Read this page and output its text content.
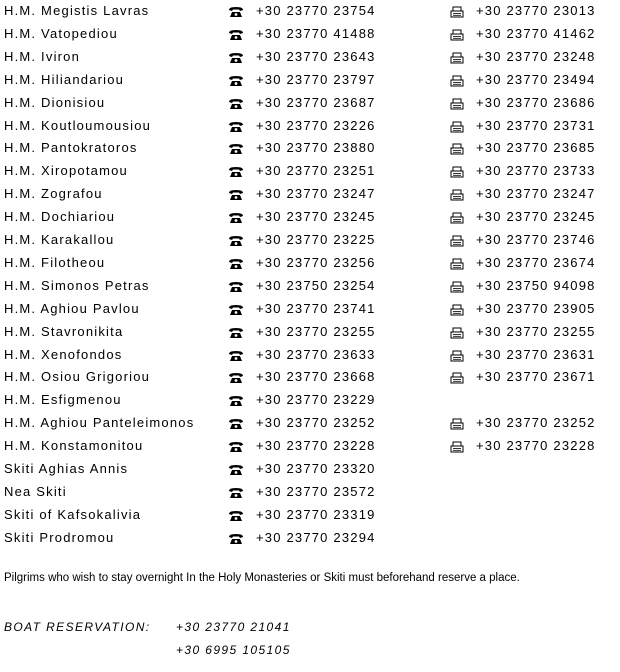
H.M. Megistis Lavras	+30 23770 23754	+30 23770 23013
H.M. Vatopediou	+30 23770 41488	+30 23770 41462
H.M. Iviron	+30 23770 23643	+30 23770 23248
H.M. Hiliandariou	+30 23770 23797	+30 23770 23494
H.M. Dionisiou	+30 23770 23687	+30 23770 23686
H.M. Koutloumousiou	+30 23770 23226	+30 23770 23731
H.M. Pantokratoros	+30 23770 23880	+30 23770 23685
H.M. Xiropotamou	+30 23770 23251	+30 23770 23733
H.M. Zografou	+30 23770 23247	+30 23770 23247
H.M. Dochiariou	+30 23770 23245	+30 23770 23245
H.M. Karakallou	+30 23770 23225	+30 23770 23746
H.M. Filotheou	+30 23770 23256	+30 23770 23674
H.M. Simonos Petras	+30 23750 23254	+30 23750 94098
H.M. Aghiou Pavlou	+30 23770 23741	+30 23770 23905
H.M. Stavronikita	+30 23770 23255	+30 23770 23255
H.M. Xenofondos	+30 23770 23633	+30 23770 23631
H.M. Osiou Grigoriou	+30 23770 23668	+30 23770 23671
H.M. Esfigmenou	+30 23770 23229
H.M. Aghiou Panteleimonos	+30 23770 23252	+30 23770 23252
H.M. Konstamonitou	+30 23770 23228	+30 23770 23228
Skiti Aghias Annis	+30 23770 23320
Nea Skiti	+30 23770 23572
Skiti of Kafsokalivia	+30 23770 23319
Skiti Prodromou	+30 23770 23294
Pilgrims who wish to stay overnight In the Holy Monasteries or Skiti must beforehand reserve a place.
BOAT RESERVATION: +30 23770 21041
+30 6995 105105
